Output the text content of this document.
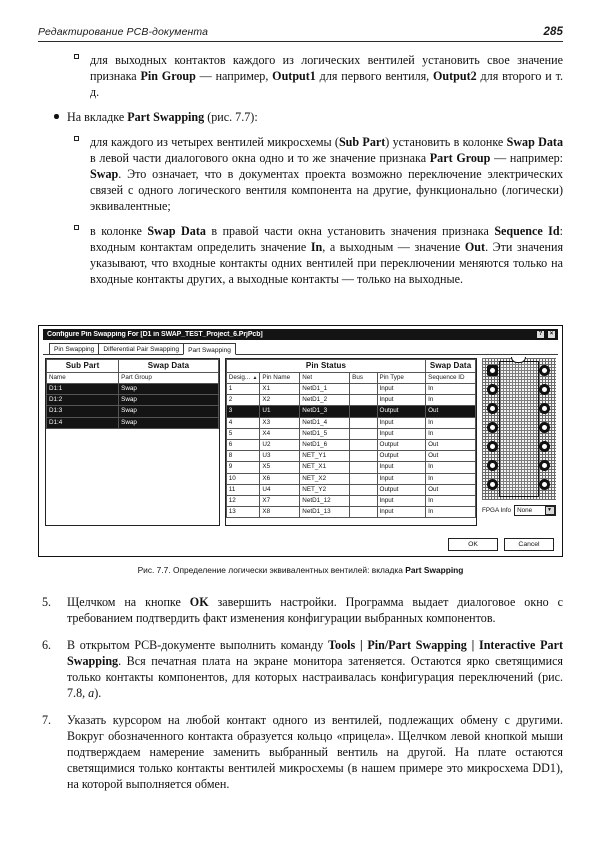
Редактирование PCB-документа	285

для выходных контактов каждого из логических вентилей установить свое значение признака Pin Group — например, Output1 для первого вентиля, Output2 для второго и т. д.

На вкладке Part Swapping (рис. 7.7):

для каждого из четырех вентилей микросхемы (Sub Part) установить в колонке Swap Data в левой части диалогового окна одно и то же значение признака Part Group — например: Swap. Это означает, что в документах проекта возможно переключение электрических связей с одного логического вентиля компонента на другие, функционально (логически) эквивалентные;

в колонке Swap Data в правой части окна установить значения признака Sequence Id: входным контактам определить значение In, а выходным — значение Out. Эти значения указывают, что входные контакты одних вентилей при переключении меняются только на входные контакты других, а выходные контакты — только на выходные.

Configure Pin Swapping For [D1 in SWAP_TEST_Project_6.PrjPcb]	?	×
Pin Swapping	Differential Pair Swapping	Part Swapping
Sub Part	Swap Data
Name	Part Group
D1:1	Swap
D1:2	Swap
D1:3	Swap
D1:4	Swap

Pin Status					Swap Data
Desig... ▲	Pin Name	Net	Bus	Pin Type	Sequence ID
1	X1	NetD1_1		Input	In
2	X2	NetD1_2		Input	In
3	U1	NetD1_3		Output	Out
4	X3	NetD1_4		Input	In
5	X4	NetD1_5		Input	In
6	U2	NetD1_6		Output	Out
8	U3	NET_Y1		Output	Out
9	X5	NET_X1		Input	In
10	X6	NET_X2		Input	In
11	U4	NET_Y2		Output	Out
12	X7	NetD1_12		Input	In
13	X8	NetD1_13		Input	In	FPGA Info None	▼
OK	Cancel
Рис. 7.7. Определение логически эквивалентных вентилей: вкладка Part Swapping
5. Щелчком на кнопке OK завершить настройки. Программа выдает диалоговое окно с требованием подтвердить факт изменения конфигурации выбранных компонентов.

6. В открытом PCB-документе выполнить команду Tools | Pin/Part Swapping | Interactive Part Swapping. Вся печатная плата на экране монитора затеняется. Остаются ярко светящимися только контакты компонентов, для которых настраивалась конфигурация переключений (рис. 7.8, а).

7. Указать курсором на любой контакт одного из вентилей, подлежащих обмену с другими. Вокруг обозначенного контакта образуется кольцо «прицела». Щелчком левой кнопкой мыши подтверждаем намерение заменить выбранный вентиль на другой. На плате остаются светящимися только контакты вентилей микросхемы (в нашем примере это микросхема DD1), на которой выполняется обмен.
